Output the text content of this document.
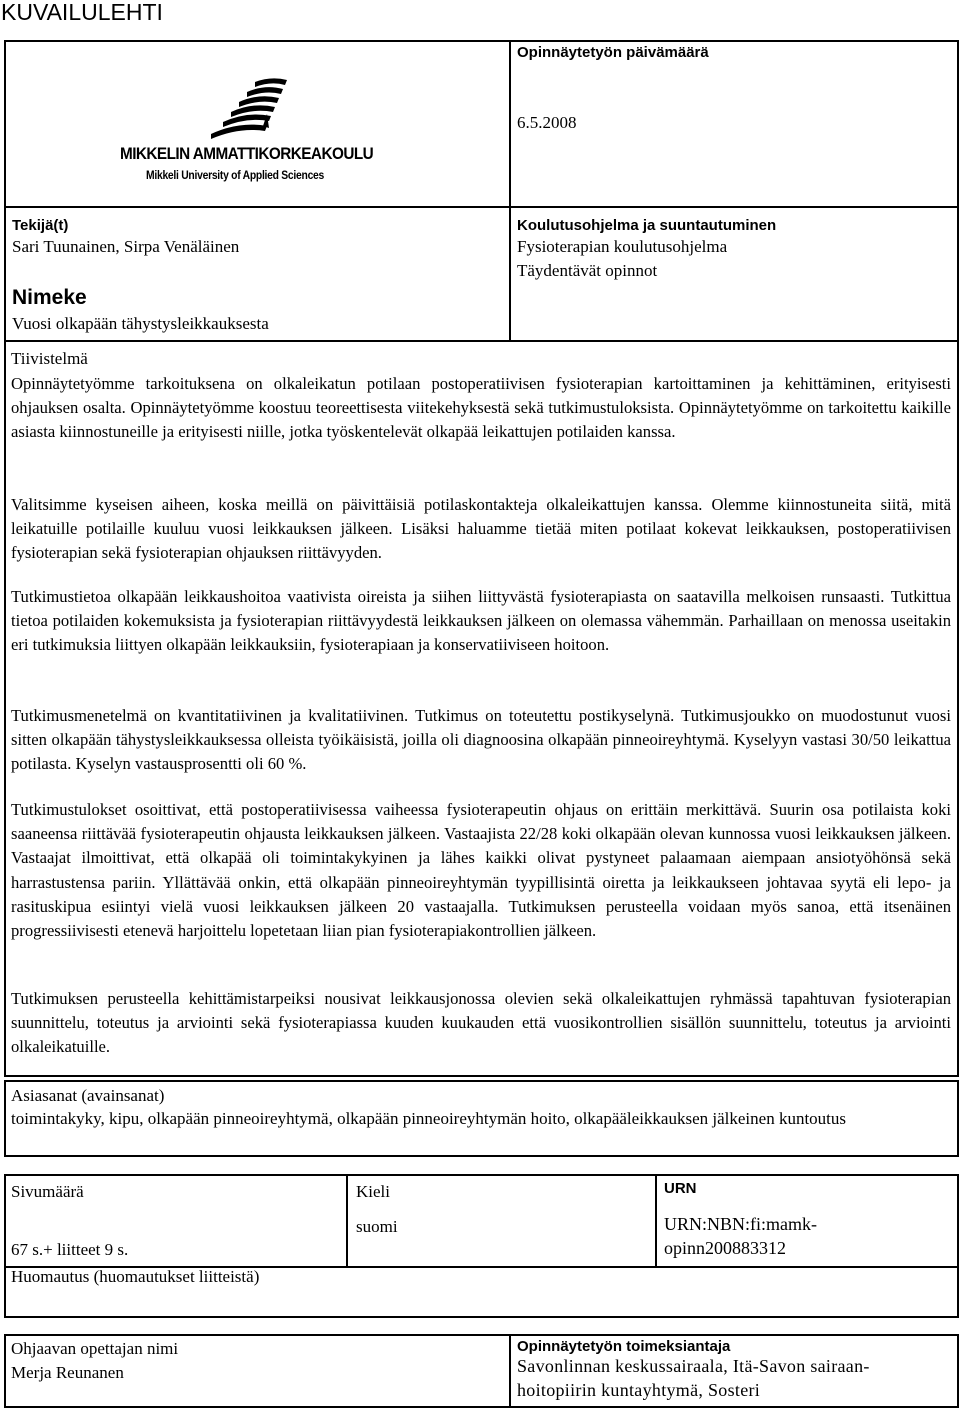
KUVAILULEHTI
MIKKELIN AMMATTIKORKEAKOULU
Mikkeli University of Applied Sciences
Opinnäytetyön päivämäärä
6.5.2008
Tekijä(t)
Sari Tuunainen, Sirpa Venäläinen
Koulutusohjelma ja suuntautuminen
Fysioterapian koulutusohjelma
Täydentävät opinnot
Nimeke
Vuosi olkapään tähystysleikkauksesta
Tiivistelmä

Opinnäytetyömme tarkoituksena on olkaleikatun potilaan postoperatiivisen fysioterapian kartoittaminen ja kehittäminen, erityisesti ohjauksen osalta. Opinnäytetyömme koostuu teoreettisesta viitekehyksestä sekä tutkimustuloksista. Opinnäytetyömme on tarkoitettu kaikille asiasta kiinnostuneille ja erityisesti niille, jotka työskentelevät olkapää leikattujen potilaiden kanssa.

Valitsimme kyseisen aiheen, koska meillä on päivittäisiä potilaskontakteja olkaleikattujen kanssa. Olemme kiinnostuneita siitä, mitä leikatuille potilaille kuuluu vuosi leikkauksen jälkeen. Lisäksi haluamme tietää miten potilaat kokevat leikkauksen, postoperatiivisen fysioterapian sekä fysioterapian ohjauksen riittävyyden.

Tutkimustietoa olkapään leikkaushoitoa vaativista oireista ja siihen liittyvästä fysioterapiasta on saatavilla melkoisen runsaasti. Tutkittua tietoa potilaiden kokemuksista ja fysioterapian riittävyydestä leikkauksen jälkeen on olemassa vähemmän. Parhaillaan on menossa useitakin eri tutkimuksia liittyen olkapään leikkauksiin, fysioterapiaan ja konservatiiviseen hoitoon.

Tutkimusmenetelmä on kvantitatiivinen ja kvalitatiivinen. Tutkimus on toteutettu postikyselynä. Tutkimusjoukko on muodostunut vuosi sitten olkapään tähystysleikkauksessa olleista työikäisistä, joilla oli diagnoosina olkapään pinneoireyhtymä. Kyselyyn vastasi 30/50 leikattua potilasta. Kyselyn vastausprosentti oli 60 %.

Tutkimustulokset osoittivat, että postoperatiivisessa vaiheessa fysioterapeutin ohjaus on erittäin merkittävä. Suurin osa potilaista koki saaneensa riittävää fysioterapeutin ohjausta leikkauksen jälkeen. Vastaajista 22/28 koki olkapään olevan kunnossa vuosi leikkauksen jälkeen. Vastaajat ilmoittivat, että olkapää oli toimintakykyinen ja lähes kaikki olivat pystyneet palaamaan aiempaan ansiotyöhönsä sekä harrastustensa pariin. Yllättävää onkin, että olkapään pinneoireyhtymän tyypillisintä oiretta ja leikkaukseen johtavaa syytä eli lepo- ja rasituskipua esiintyi vielä vuosi leikkauksen jälkeen 20 vastaajalla. Tutkimuksen perusteella voidaan myös sanoa, että itsenäinen progressiivisesti etenevä harjoittelu lopetetaan liian pian fysioterapiakontrollien jälkeen.

Tutkimuksen perusteella kehittämistarpeiksi nousivat leikkausjonossa olevien sekä olkaleikattujen ryhmässä tapahtuvan fysioterapian suunnittelu, toteutus ja arviointi sekä fysioterapiassa kuuden kuukauden että vuosikontrollien sisällön suunnittelu, toteutus ja arviointi olkaleikatuille.

Asiasanat (avainsanat)
toimintakyky, kipu, olkapään pinneoireyhtymä, olkapään pinneoireyhtymän hoito, olkapääleikkauksen jälkeinen kuntoutus
Sivumäärä
67 s.+ liitteet 9 s.
Huomautus (huomautukset liitteistä)
Kieli
suomi
URN
URN:NBN:fi:mamk-
opinn200883312
Ohjaavan opettajan nimi
Merja Reunanen
Opinnäytetyön toimeksiantaja
Savonlinnan keskussairaala, Itä-Savon sairaan-
hoitopiirin kuntayhtymä, Sosteri
